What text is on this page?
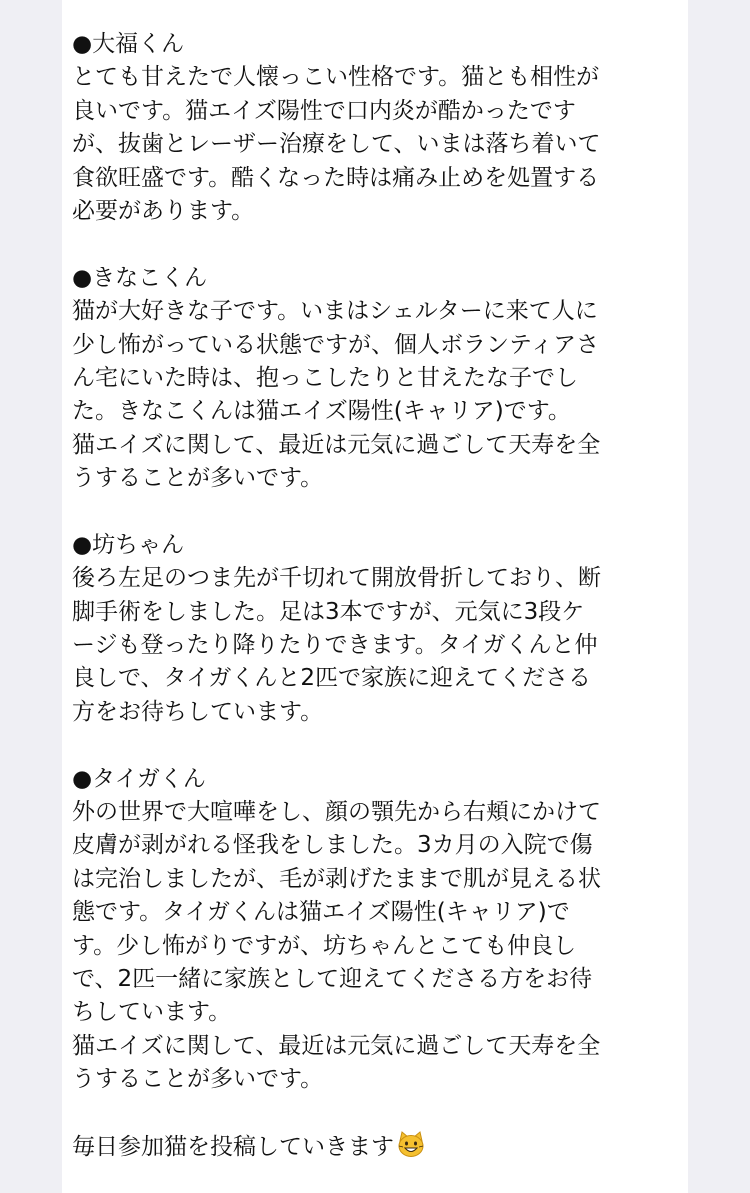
●大福くん
とても甘えたで人懐っこい性格です。猫とも相性が
良いです。猫エイズ陽性で口内炎が酷かったです
が、抜歯とレーザー治療をして、いまは落ち着いて
食欲旺盛です。酷くなった時は痛み止めを処置する
必要があります。
●きなこくん
猫が大好きな子です。いまはシェルターに来て人に
少し怖がっている状態ですが、個人ボランティアさ
ん宅にいた時は、抱っこしたりと甘えたな子でし
た。きなこくんは猫エイズ陽性(キャリア)です。
猫エイズに関して、最近は元気に過ごして天寿を全
うすることが多いです。
●坊ちゃん
後ろ左足のつま先が千切れて開放骨折しており、断
脚手術をしました。足は3本ですが、元気に3段ケ
ージも登ったり降りたりできます。タイガくんと仲
良しで、タイガくんと2匹で家族に迎えてくださる
方をお待ちしています。
●タイガくん
外の世界で大喧嘩をし、顔の顎先から右頬にかけて
皮膚が剥がれる怪我をしました。3カ月の入院で傷
は完治しましたが、毛が剥げたままで肌が見える状
態です。タイガくんは猫エイズ陽性(キャリア)で
す。少し怖がりですが、坊ちゃんとこても仲良し
で、2匹一緒に家族として迎えてくださる方をお待
ちしています。
猫エイズに関して、最近は元気に過ごして天寿を全
うすることが多いです。
毎日参加猫を投稿していきます
